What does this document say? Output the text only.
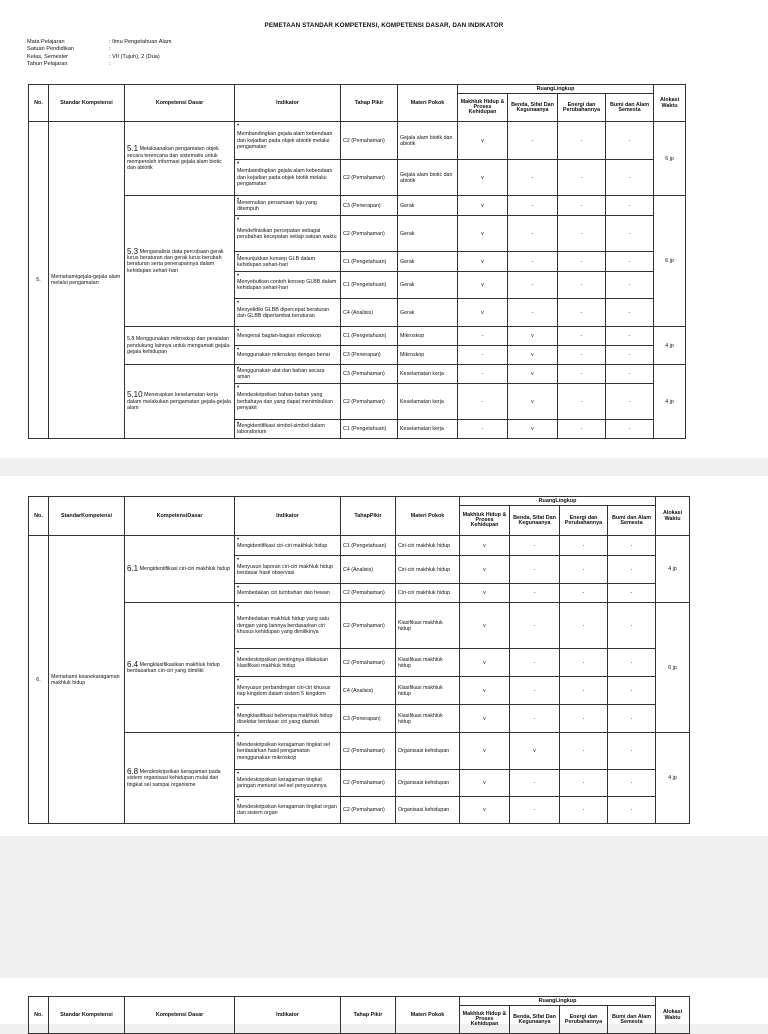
PEMETAAN STANDAR KOMPETENSI, KOMPETENSI DASAR, DAN INDIKATOR
Mata Pelajaran	: Ilmu Pengetahuan Alam
Satuan Pendidikan	:
Kelas, Semester	: VII (Tujuh), 2 (Dua)
Tahun Pelajaran	:
No.	Standar Kompetensi	Kompetensi Dasar	Indikator	Tahap Pikir	Materi Pokok	RuangLingkup				Alokasi Waktu
						Makhluk Hidup & Proses Kehidupan	Benda, Sifat Dan Kegunaanya	Energi dan Perubahannya	Bumi dan Alam Semesta	
5.	Memahamigejala-gejala alam melalui pengamatan	5.1 Melaksanakan pengamatan objek secara terencana dan sistematis untuk memperoleh informasi gejala alam biotic dan abiotik	• Membandingkan gejala alam kebendaan dan kejadian pada objek abiotik melalui pengamatan	C2 (Pemahaman)	Gejala alam biotik dan abiotik	v	-	-	-	6 jp
			• Membandingkan gejala alam kebendaan dan kejadian pada objek biotik melalui pengamatan	C2 (Pemahaman)	Gejala alam biotic dan abiotik	v	-	-	-	
		5.3 Menganalisis data percobaan gerak lurus beraturan dan gerak lurus berubah beraturan serta penerapannya dalam kehidupan sehari-hari	• Menemukan persamaan laju yang ditempuh	C3 (Penerapan)	Gerak	v	-	-	-	6 jp
			• Mendefinisikan percepatan sebagai perubahan kecepatan setiap satuan waktu	C2 (Pemahaman)	Gerak	v	-	-	-	
			• Menunjukkan konsep GLB dalam kehidupan sehari-hari	C1 (Pengetahuan)	Gerak	v	-	-	-	
			• Menyebutkan contoh konsep GLBB dalam kehidupan sehari-hari	C1 (Pengetahuan)	Gerak	v	-	-	-	
			• Menyelidiki GLBB dipercepat beraturan dan GLBB diperlambat beraturan	C4 (Analisis)	Gerak	v	-	-	-	
		5.8 Menggunakan mikroskop dan peralatan pendukung lainnya untuk mengamati gejala-gejala kehidupan	• Mengenal bagian-bagian mikroskop	C1 (Pengetahuan)	Mikroskop	-	v	-	-	4 jp
			• Menggunakan mikroskop dengan benar	C3 (Penerapan)	Mikroskop	-	v	-	-	
		5.10 Menerapkan keselamatan kerja dalam melakukan pengamatan gejala-gejala alam	• Menggunakan alat dan bahan secara aman	C3 (Pemahaman)	Keselamatan kerja	-	v	-	-	4 jp
			• Mendeskripsikan bahan-bahan yang berbahaya dan yang dapat menimbulkan penyakit	C2 (Pemahaman)	Keselamatan kerja	-	v	-	-	
			• Mengidentifikasi simbol-simbol dalam laboratorium	C1 (Pengetahuan)	Keselamatan kerja	-	v	-	-	
No.	StandarKompetensi	KompetensiDasar	Indikator	TahapPikir	Materi Pokok	RuangLingkup				Alokasi Waktu
						Makhluk Hidup & Proses Kehidupan	Benda, Sifat Dan Kegunaanya	Energi dan Perubahannya	Bumi dan Alam Semesta	
6.	Memahami keanekaragaman makhluk hidup	6.1 Mengidentifikasi ciri-ciri makhluk hidup	• Mengidentifikasi ciri-ciri makhluk hidup	C1 (Pengetahuan)	Ciri-ciri makhluk hidup	v	-	-	-	4 jp
			• Menyusun laporan ciri-ciri makhluk hidup berdasar hasil observasi	C4 (Analisis)	Ciri-ciri makhluk hidup	v	-	-	-	
			• Membedakan ciri tumbuhan dan hewan	C2 (Pemahaman)	Ciri-ciri makhluk hidup	v	-	-	-	
		6.4 Mengklasifikasikan makhluk hidup berdasarkan ciri-ciri yang dimiliki	• Membedakan makhluk hidup yang satu dengan yang lainnya berdasarkan ciri khusus kehidupan yang dimilikinya	C2 (Pemahaman)	Klasifikasi makhluk hidup	v	-	-	-	6 jp
			• Mendeskripsikan pentingnya dilakukan klasifikasi makhluk hidup	C2 (Pemahaman)	Klasifikasi makhluk hidup	v	-	-	-	
			• Menyusun perbandingan ciri-ciri khusus tiap kingdom dalam sistem 5 kingdom	C4 (Analisis)	Klasifikasi makhluk hidup	v	-	-	-	
			• Mengklasifikasi beberapa makhluk hidup disekitar berdasar ciri yang diamati	C3 (Penerapan)	Klasifikasi makhluk hidup	v	-	-	-	
		6.8 Mendeskripsikan keragaman pada sistem organisasi kehidupan mulai dari tingkat sel sampai organisme	• Mendeskripsikan keragaman tingkat sel berdasarkan hasil pengamatan menggunakan mikroskop	C2 (Pemahaman)	Organisasi kehidupan	v	v	-	-	4 jp
			• Mendeskripsikan keragaman tingkat jaringan menurut sel-sel penyusunnya	C2 (Pemahaman)	Organisasi kehidupan	v	-	-	-	
			• Mendeskripsikan keragaman tingkat organ dan sistem organ	C2 (Pemahaman)	Organisasi kehidupan	v	-	-	-	
No.	Standar Kompetensi	Kompetensi Dasar	Indikator	Tahap Pikir	Materi Pokok	RuangLingkup				Alokasi Waktu
						Makhluk Hidup & Proses Kehidupan	Benda, Sifat Dan Kegunaanya	Energi dan Perubahannya	Bumi dan Alam Semesta	
